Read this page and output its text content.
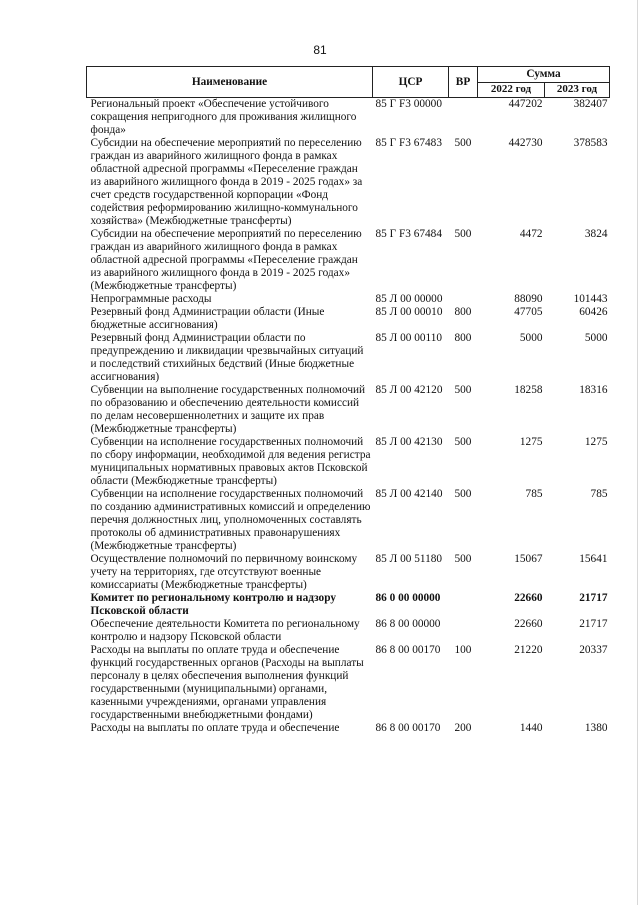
81
Наименование	ЦСР	ВР	Сумма	
			2022 год	2023 год
Региональный проект «Обеспечение устойчивого сокращения непригодного для проживания жилищного фонда»	85 Г F3 00000		447202	382407
Субсидии на обеспечение мероприятий по переселению граждан из аварийного жилищного фонда в рамках областной адресной программы «Переселение граждан из аварийного жилищного фонда в 2019 - 2025 годах» за счет средств государственной корпорации «Фонд содействия реформированию жилищно-коммунального хозяйства» (Межбюджетные трансферты)	85 Г F3 67483	500	442730	378583
Субсидии на обеспечение мероприятий по переселению граждан из аварийного жилищного фонда в рамках областной адресной программы «Переселение граждан из аварийного жилищного фонда в 2019 - 2025 годах» (Межбюджетные трансферты)	85 Г F3 67484	500	4472	3824
Непрограммные расходы	85 Л 00 00000		88090	101443
Резервный фонд Администрации области (Иные бюджетные ассигнования)	85 Л 00 00010	800	47705	60426
Резервный фонд Администрации области по предупреждению и ликвидации чрезвычайных ситуаций и последствий стихийных бедствий (Иные бюджетные ассигнования)	85 Л 00 00110	800	5000	5000
Субвенции на выполнение государственных полномочий по образованию и обеспечению деятельности комиссий по делам несовершеннолетних и защите их прав (Межбюджетные трансферты)	85 Л 00 42120	500	18258	18316
Субвенции на исполнение государственных полномочий по сбору информации, необходимой для ведения регистра муниципальных нормативных правовых актов Псковской области (Межбюджетные трансферты)	85 Л 00 42130	500	1275	1275
Субвенции на исполнение государственных полномочий по созданию административных комиссий и определению перечня должностных лиц, уполномоченных составлять протоколы об административных правонарушениях (Межбюджетные трансферты)	85 Л 00 42140	500	785	785
Осуществление полномочий по первичному воинскому учету на территориях, где отсутствуют военные комиссариаты (Межбюджетные трансферты)	85 Л 00 51180	500	15067	15641
Комитет по региональному контролю и надзору Псковской области	86 0 00 00000		22660	21717
Обеспечение деятельности Комитета по региональному контролю и надзору Псковской области	86 8 00 00000		22660	21717
Расходы на выплаты по оплате труда и обеспечение функций государственных органов (Расходы на выплаты персоналу в целях обеспечения выполнения функций государственными (муниципальными) органами, казенными учреждениями, органами управления государственными внебюджетными фондами)	86 8 00 00170	100	21220	20337
Расходы на выплаты по оплате труда и обеспечение	86 8 00 00170	200	1440	1380
